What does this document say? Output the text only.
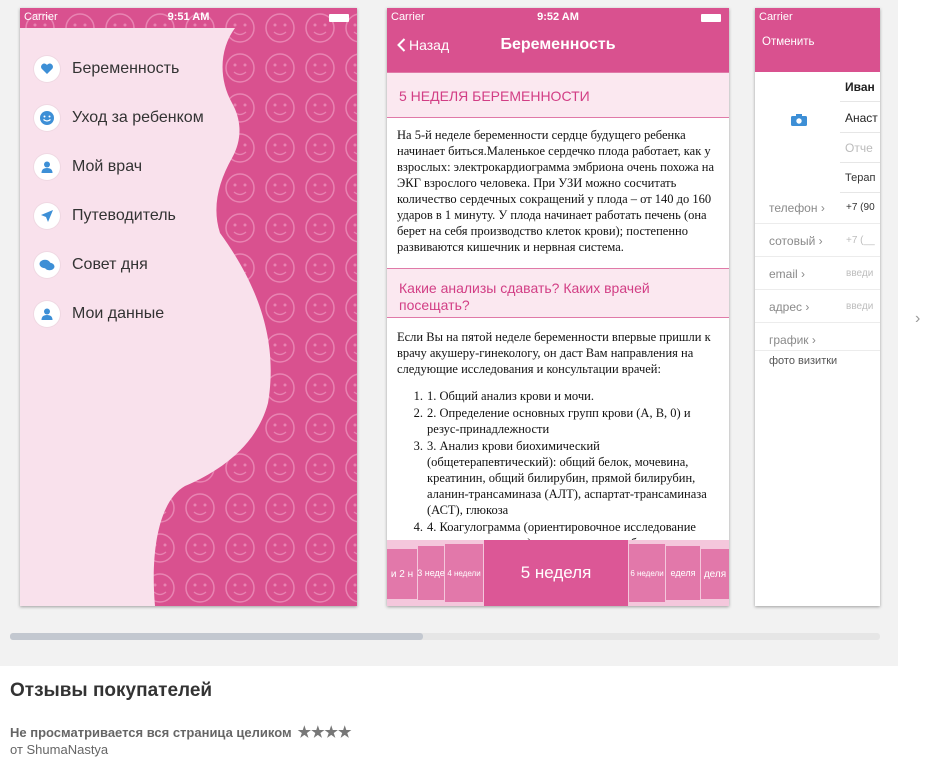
Carrier	9:51 AM
Беременность
Уход за ребенком
Мой врач
Путеводитель
Совет дня
Мои данные
Carrier	9:52 AM
Назад	Беременность
5 НЕДЕЛЯ БЕРЕМЕННОСТИ
На 5-й неделе беременности сердце будущего ребенка начинает биться.Маленькое сердечко плода работает, как у взрослых: электрокардиограмма эмбриона очень похожа на ЭКГ взрослого человека. При УЗИ можно сосчитать количество сердечных сокращений у плода – от 140 до 160 ударов в 1 минуту. У плода начинает работать печень (она берет на себя производство клеток крови); постепенно развиваются кишечник и нервная система.
Какие анализы сдавать? Каких врачей посещать?
Если Вы на пятой неделе беременности впервые пришли к врачу акушеру-гинекологу, он даст Вам направления на следующие исследования и консультации врачей:
1. 1. Общий анализ крови и мочи.
2. 2. Определение основных групп крови (А, В, 0) и резус-принадлежности
3. 3. Анализ крови биохимический (общетерапевтический): общий белок, мочевина, креатинин, общий билирубин, прямой билирубин, аланин-трансаминаза (АЛТ), аспартат-трансаминаза (АСТ), глюкоза
4. 4. Коагулограмма (ориентировочное исследование
и 2 н 3 неде 4 недели	5 неделя	6 недели еделя деля
Carrier
Отменить
Иван
Анаст
Отче
Терап
телефон › +7 (90
сотовый › +7 (__
email ›	введи
адрес ›	введи
график ›
фото визитки
›
Отзывы покупателей
Не просматривается вся страница целиком ★★★★
от ShumaNastya
